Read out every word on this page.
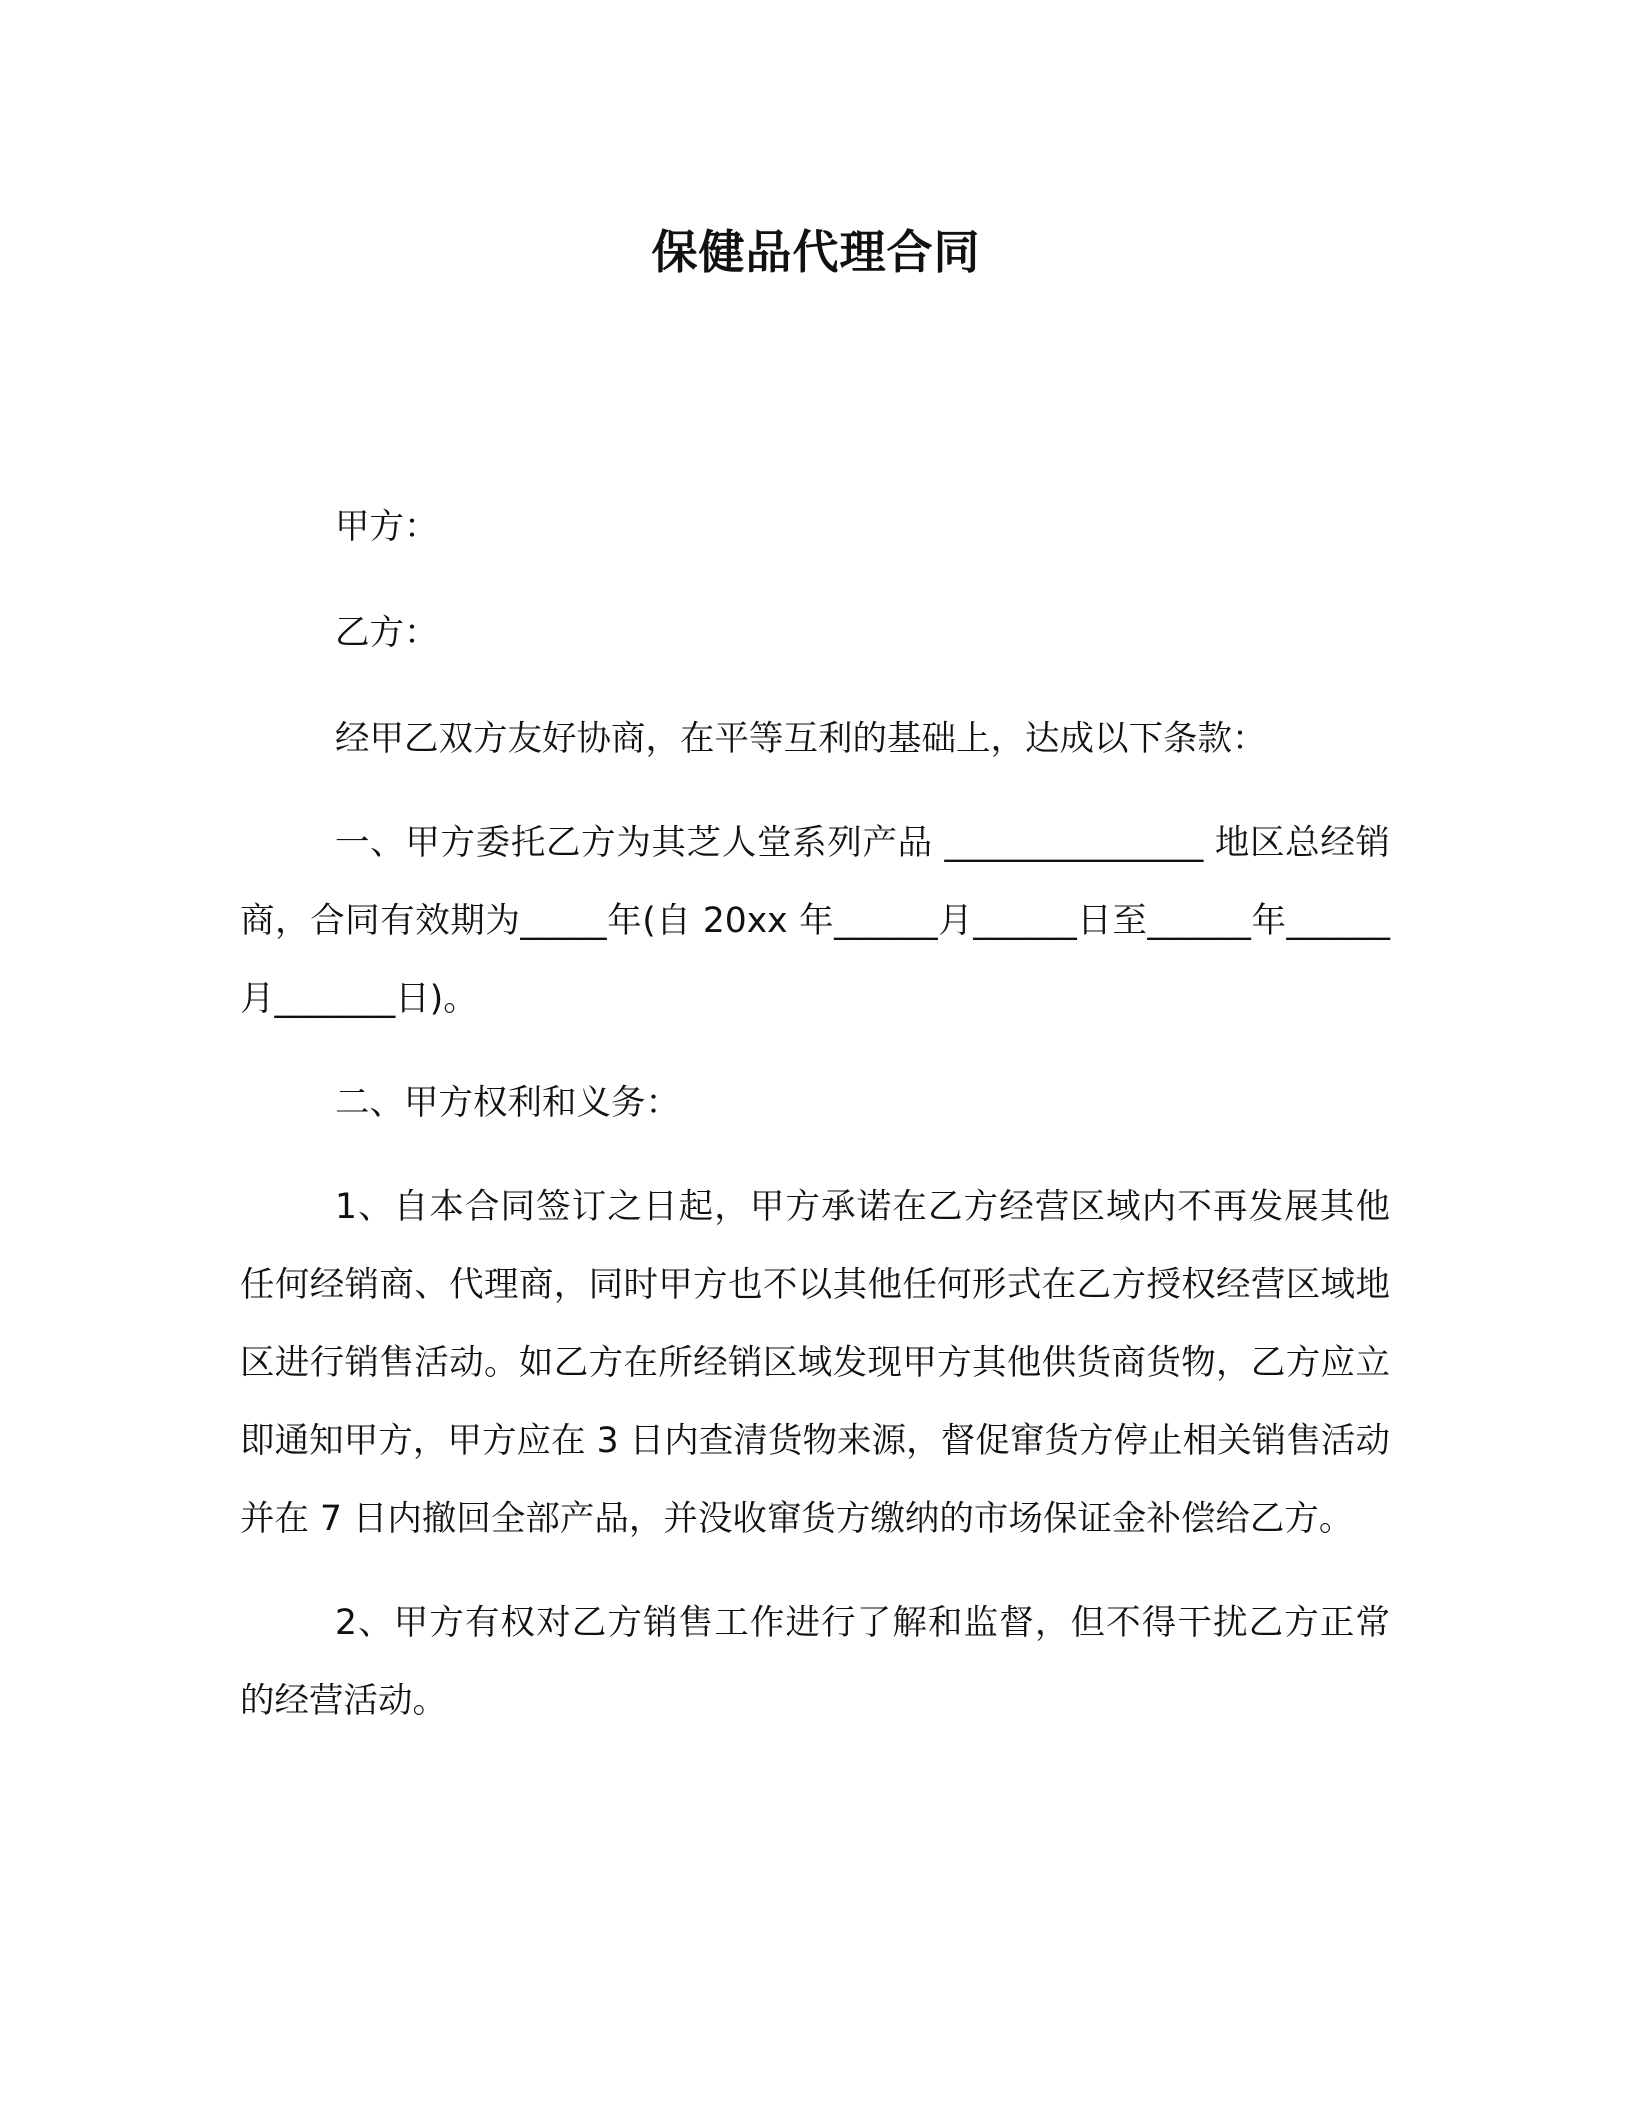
保健品代理合同

甲方：

乙方：

经甲乙双方友好协商，在平等互利的基础上，达成以下条款：

一、甲方委托乙方为其芝人堂系列产品 _______________ 地区总经销商，合同有效期为_____年(自 20xx 年______月______日至______年______月_______日)。

二、甲方权利和义务：

1、自本合同签订之日起，甲方承诺在乙方经营区域内不再发展其他任何经销商、代理商，同时甲方也不以其他任何形式在乙方授权经营区域地区进行销售活动。如乙方在所经销区域发现甲方其他供货商货物，乙方应立即通知甲方，甲方应在 3 日内查清货物来源，督促窜货方停止相关销售活动并在 7 日内撤回全部产品，并没收窜货方缴纳的市场保证金补偿给乙方。

2、甲方有权对乙方销售工作进行了解和监督，但不得干扰乙方正常的经营活动。
